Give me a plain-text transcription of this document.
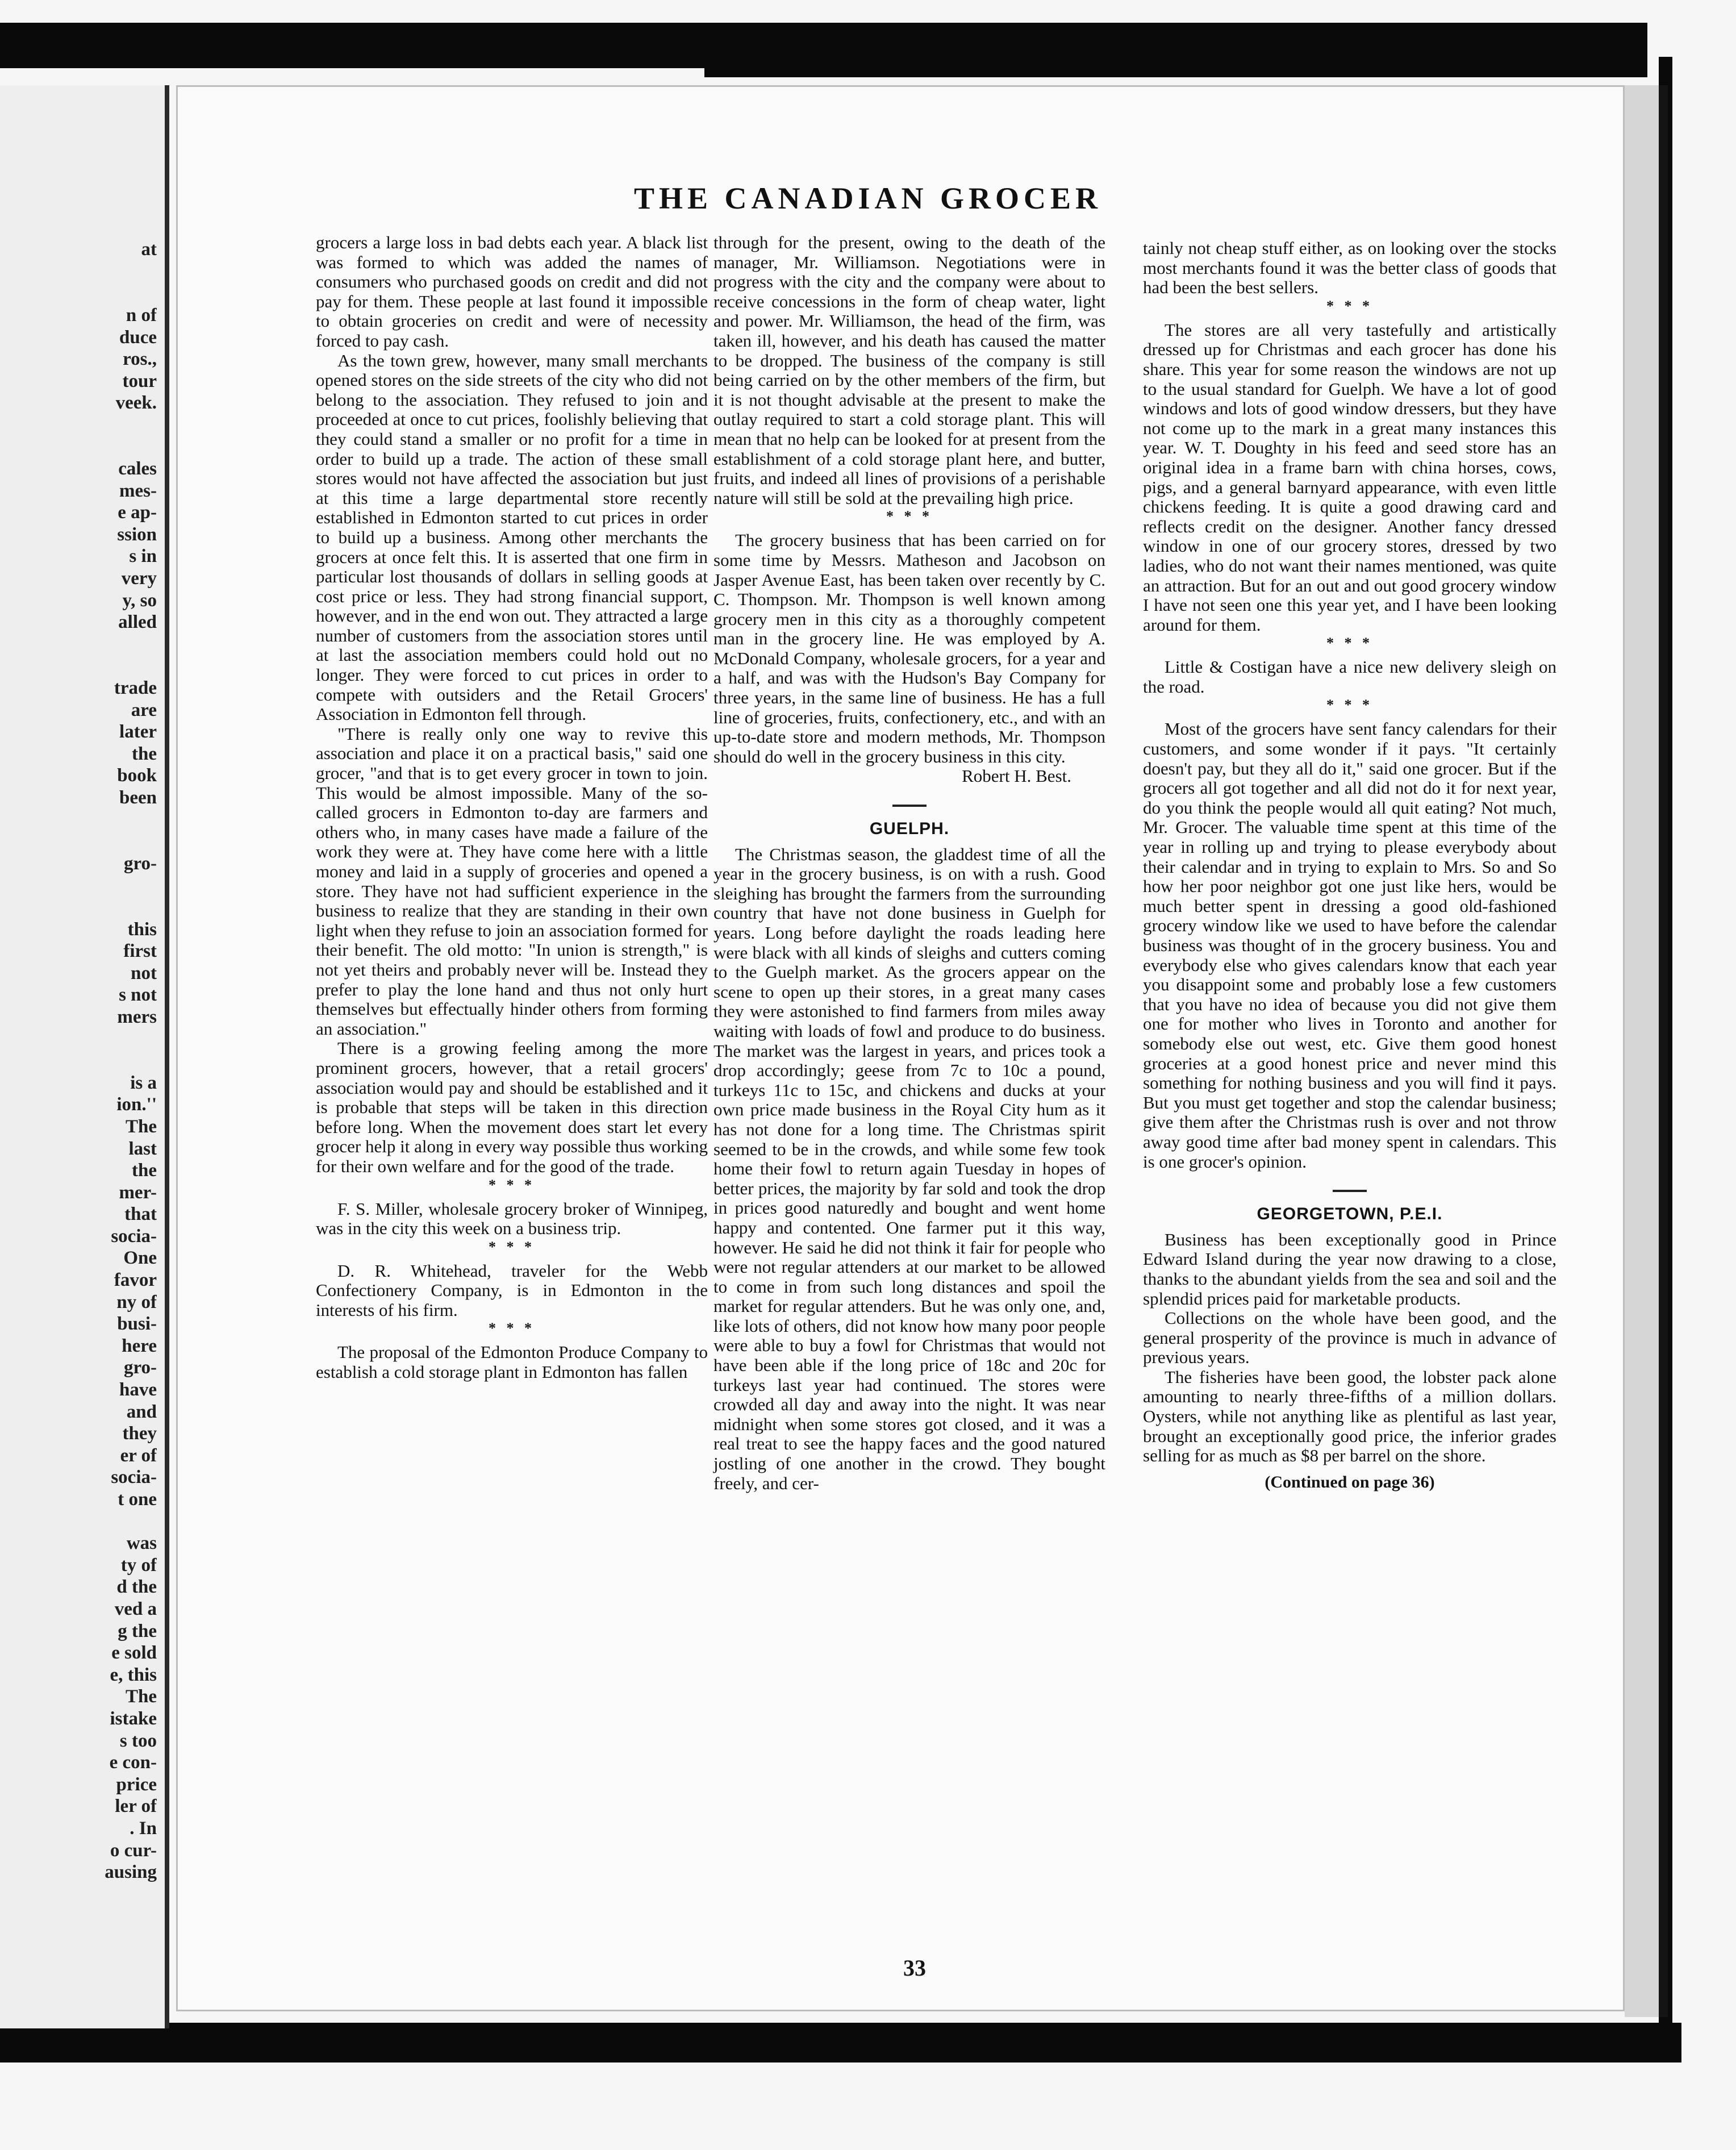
at
n of
duce
ros.,
tour
veek.
cales
mes-
e ap-
ssion
s in
very
y, so
alled
trade
are
later
the
book
been
gro-
this
first
not
s not
mers
is a
ion.''
The
last
the
mer-
that
socia-
One
favor
ny of
busi-
here
gro-
have
and
they
er of
socia-
t one
was
ty of
d the
ved a
g the
e sold
e, this
The
istake
s too
e con-
price
ler of
. In
o cur-
ausing
THE CANADIAN GROCER

grocers a large loss in bad debts each year. A black list was formed to which was added the names of consumers who purchased goods on credit and did not pay for them. These people at last found it impossible to obtain groceries on credit and were of necessity forced to pay cash.

As the town grew, however, many small merchants opened stores on the side streets of the city who did not belong to the association. They refused to join and proceeded at once to cut prices, foolishly believing that they could stand a smaller or no profit for a time in order to build up a trade. The action of these small stores would not have affected the association but just at this time a large departmental store recently established in Edmonton started to cut prices in order to build up a business. Among other merchants the grocers at once felt this. It is asserted that one firm in particular lost thousands of dollars in selling goods at cost price or less. They had strong financial support, however, and in the end won out. They attracted a large number of customers from the association stores until at last the association members could hold out no longer. They were forced to cut prices in order to compete with outsiders and the Retail Grocers' Association in Edmonton fell through.

"There is really only one way to revive this association and place it on a practical basis," said one grocer, "and that is to get every grocer in town to join. This would be almost impossible. Many of the so-called grocers in Edmonton to-day are farmers and others who, in many cases have made a failure of the work they were at. They have come here with a little money and laid in a supply of groceries and opened a store. They have not had sufficient experience in the business to realize that they are standing in their own light when they refuse to join an association formed for their benefit. The old motto: "In union is strength," is not yet theirs and probably never will be. Instead they prefer to play the lone hand and thus not only hurt themselves but effectually hinder others from forming an association."

There is a growing feeling among the more prominent grocers, however, that a retail grocers' association would pay and should be established and it is probable that steps will be taken in this direction before long. When the movement does start let every grocer help it along in every way possible thus working for their own welfare and for the good of the trade.

* * *

F. S. Miller, wholesale grocery broker of Winnipeg, was in the city this week on a business trip.

* * *

D. R. Whitehead, traveler for the Webb Confectionery Company, is in Edmonton in the interests of his firm.

* * *

The proposal of the Edmonton Produce Company to establish a cold storage plant in Edmonton has fallen

through for the present, owing to the death of the manager, Mr. Williamson. Negotiations were in progress with the city and the company were about to receive concessions in the form of cheap water, light and power. Mr. Williamson, the head of the firm, was taken ill, however, and his death has caused the matter to be dropped. The business of the company is still being carried on by the other members of the firm, but it is not thought advisable at the present to make the outlay required to start a cold storage plant. This will mean that no help can be looked for at present from the establishment of a cold storage plant here, and butter, fruits, and indeed all lines of provisions of a perishable nature will still be sold at the prevailing high price.

* * *

The grocery business that has been carried on for some time by Messrs. Matheson and Jacobson on Jasper Avenue East, has been taken over recently by C. C. Thompson. Mr. Thompson is well known among grocery men in this city as a thoroughly competent man in the grocery line. He was employed by A. McDonald Company, wholesale grocers, for a year and a half, and was with the Hudson's Bay Company for three years, in the same line of business. He has a full line of groceries, fruits, confectionery, etc., and with an up-to-date store and modern methods, Mr. Thompson should do well in the grocery business in this city.

Robert H. Best.

GUELPH.

The Christmas season, the gladdest time of all the year in the grocery business, is on with a rush. Good sleighing has brought the farmers from the surrounding country that have not done business in Guelph for years. Long before daylight the roads leading here were black with all kinds of sleighs and cutters coming to the Guelph market. As the grocers appear on the scene to open up their stores, in a great many cases they were astonished to find farmers from miles away waiting with loads of fowl and produce to do business. The market was the largest in years, and prices took a drop accordingly; geese from 7c to 10c a pound, turkeys 11c to 15c, and chickens and ducks at your own price made business in the Royal City hum as it has not done for a long time. The Christmas spirit seemed to be in the crowds, and while some few took home their fowl to return again Tuesday in hopes of better prices, the majority by far sold and took the drop in prices good naturedly and bought and went home happy and contented. One farmer put it this way, however. He said he did not think it fair for people who were not regular attenders at our market to be allowed to come in from such long distances and spoil the market for regular attenders. But he was only one, and, like lots of others, did not know how many poor people were able to buy a fowl for Christmas that would not have been able if the long price of 18c and 20c for turkeys last year had continued. The stores were crowded all day and away into the night. It was near midnight when some stores got closed, and it was a real treat to see the happy faces and the good natured jostling of one another in the crowd. They bought freely, and cer-

tainly not cheap stuff either, as on looking over the stocks most merchants found it was the better class of goods that had been the best sellers.

* * *

The stores are all very tastefully and artistically dressed up for Christmas and each grocer has done his share. This year for some reason the windows are not up to the usual standard for Guelph. We have a lot of good windows and lots of good window dressers, but they have not come up to the mark in a great many instances this year. W. T. Doughty in his feed and seed store has an original idea in a frame barn with china horses, cows, pigs, and a general barnyard appearance, with even little chickens feeding. It is quite a good drawing card and reflects credit on the designer. Another fancy dressed window in one of our grocery stores, dressed by two ladies, who do not want their names mentioned, was quite an attraction. But for an out and out good grocery window I have not seen one this year yet, and I have been looking around for them.

* * *

Little & Costigan have a nice new delivery sleigh on the road.

* * *

Most of the grocers have sent fancy calendars for their customers, and some wonder if it pays. "It certainly doesn't pay, but they all do it," said one grocer. But if the grocers all got together and all did not do it for next year, do you think the people would all quit eating? Not much, Mr. Grocer. The valuable time spent at this time of the year in rolling up and trying to please everybody about their calendar and in trying to explain to Mrs. So and So how her poor neighbor got one just like hers, would be much better spent in dressing a good old-fashioned grocery window like we used to have before the calendar business was thought of in the grocery business. You and everybody else who gives calendars know that each year you disappoint some and probably lose a few customers that you have no idea of because you did not give them one for mother who lives in Toronto and another for somebody else out west, etc. Give them good honest groceries at a good honest price and never mind this something for nothing business and you will find it pays. But you must get together and stop the calendar business; give them after the Christmas rush is over and not throw away good time after bad money spent in calendars. This is one grocer's opinion.

GEORGETOWN, P.E.I.

Business has been exceptionally good in Prince Edward Island during the year now drawing to a close, thanks to the abundant yields from the sea and soil and the splendid prices paid for marketable products.

Collections on the whole have been good, and the general prosperity of the province is much in advance of previous years.

The fisheries have been good, the lobster pack alone amounting to nearly three-fifths of a million dollars. Oysters, while not anything like as plentiful as last year, brought an exceptionally good price, the inferior grades selling for as much as $8 per barrel on the shore.

(Continued on page 36)
33
